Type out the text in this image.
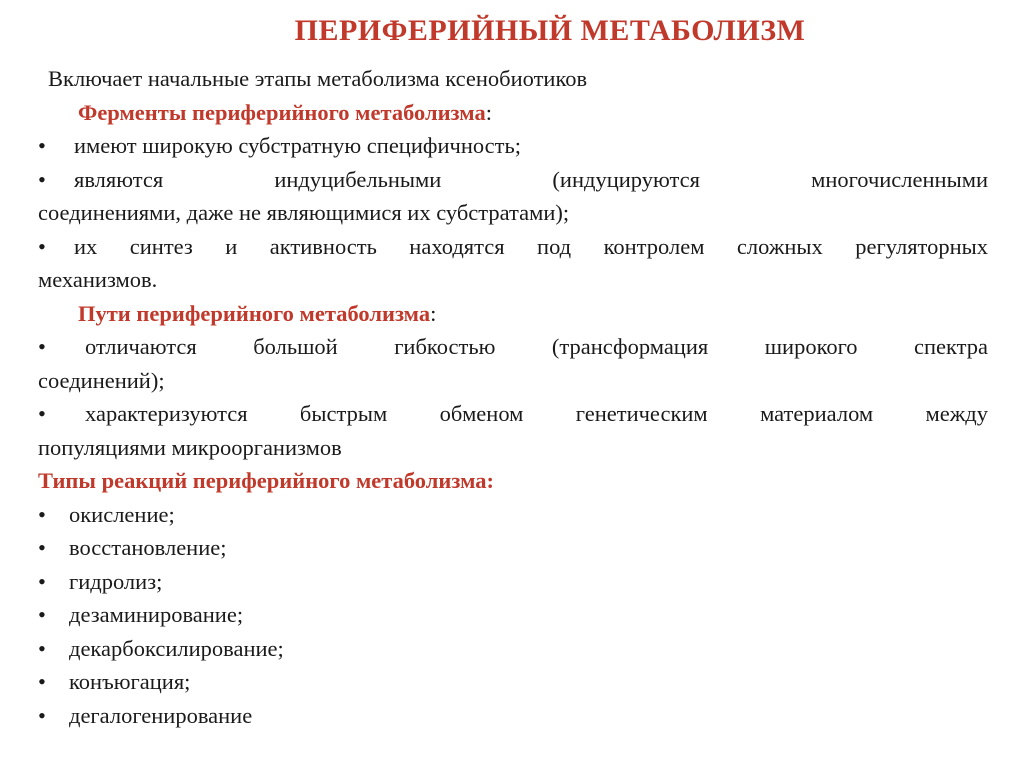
ПЕРИФЕРИЙНЫЙ МЕТАБОЛИЗМ
Включает начальные этапы метаболизма ксенобиотиков
Ферменты периферийного метаболизма:
•	имеют широкую субстратную специфичность;
•	являются индуцибельными (индуцируются многочисленными
соединениями, даже не являющимися их субстратами);
•	их синтез и активность находятся под контролем сложных регуляторных
механизмов.
Пути периферийного метаболизма:
•	отличаются большой гибкостью (трансформация широкого спектра
соединений);
•	характеризуются быстрым обменом генетическим материалом между
популяциями микроорганизмов
Типы реакций периферийного метаболизма:
•	окисление;
•	восстановление;
•	гидролиз;
•	дезаминирование;
•	декарбоксилирование;
•	конъюгация;
•	дегалогенирование
